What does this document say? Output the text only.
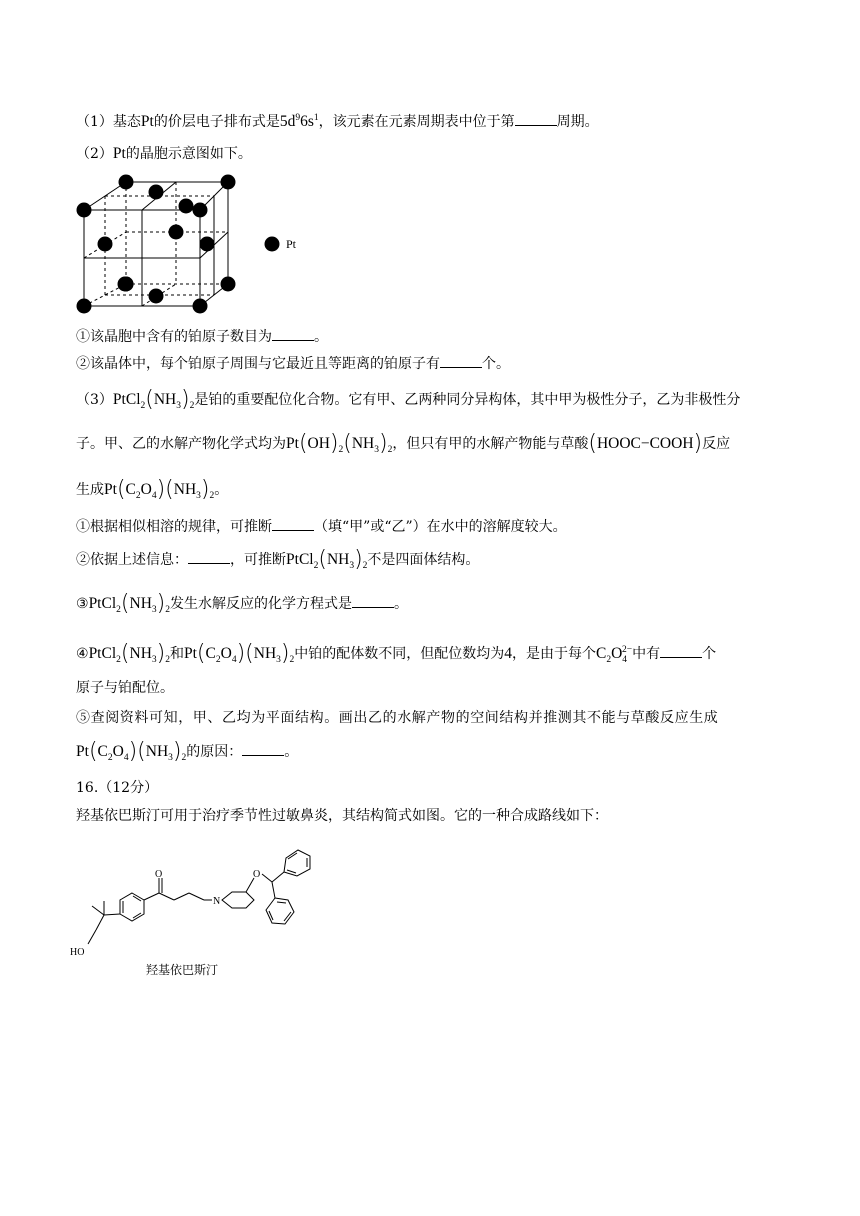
（1）基态Pt的价层电子排布式是$5d^96s^1$，该元素在元素周期表中位于第	周期。
（2）Pt的晶胞示意图如下。
Pt
①该晶胞中含有的铂原子数目为	。
②该晶体中，每个铂原子周围与它最近且等距离的铂原子有	个。
$(3)PtCl_2(NH_3)_2$是铂的重要配位化合物。它有甲、乙两种同分异构体，其中甲为极性分子，乙为非极性分
子。甲、乙的水解产物化学式均为$Pt(OH)_2(NH_3)_2$，但只有甲的水解产物能与草酸(HOOC−COOH)反应
生成$Pt(C_2O_4)(NH_3)_2$。
①根据相似相溶的规律，可推断	（填“甲”或“乙”）在水中的溶解度较大。
②依据上述信息：	，可推断$PtCl_2(NH_3)_2$不是四面体结构。
$③PtCl_2(NH_3)_2$发生水解反应的化学方程式是	。
$④PtCl_2(NH_3)_2$和$Pt(C_2O_4)(NH_3)_2$中铂的配体数不同，但配位数均为4，是由于每个$C_2O_4^{2-}$中有	个
原子与铂配位。
⑤查阅资料可知，甲、乙均为平面结构。画出乙的水解产物的空间结构并推测其不能与草酸反应生成
$Pt(C_2O_4)(NH_3)_2$的原因：	。
16.（12分）
羟基依巴斯汀可用于治疗季节性过敏鼻炎，其结构简式如图。它的一种合成路线如下：
O
N
O
HO
羟基依巴斯汀
